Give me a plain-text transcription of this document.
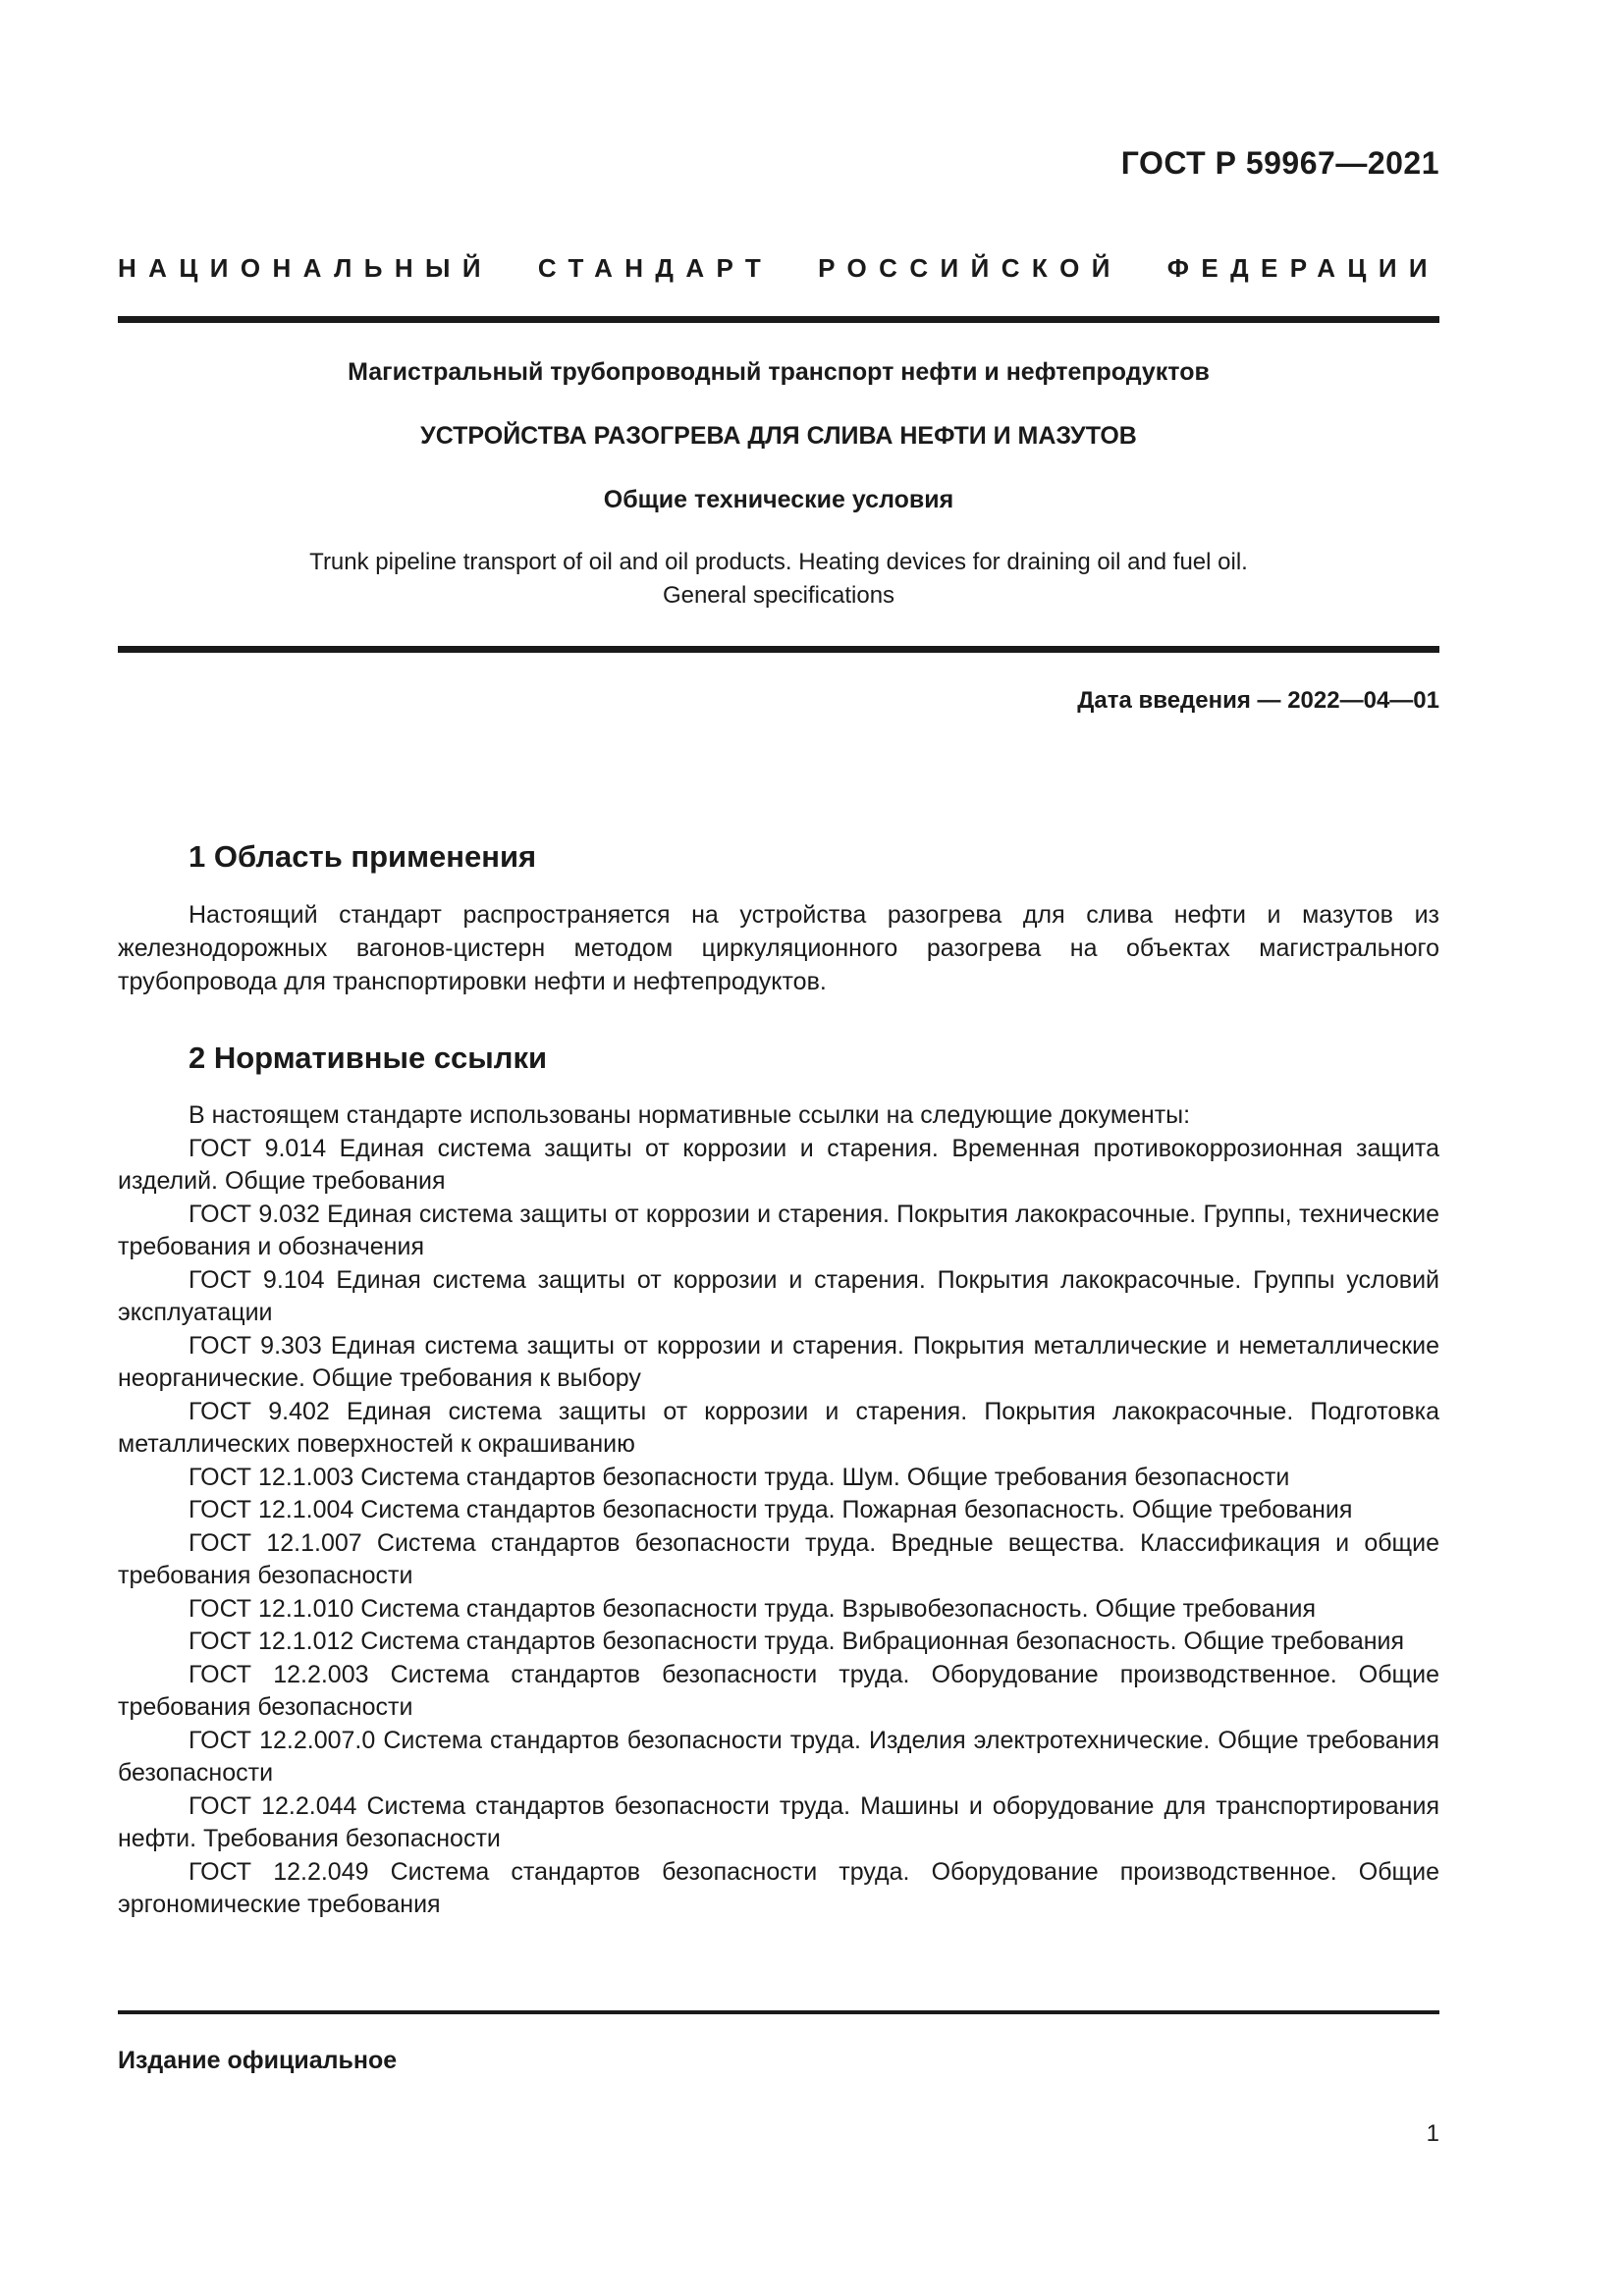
ГОСТ Р 59967—2021
НАЦИОНАЛЬНЫЙ СТАНДАРТ РОССИЙСКОЙ ФЕДЕРАЦИИ
Магистральный трубопроводный транспорт нефти и нефтепродуктов
УСТРОЙСТВА РАЗОГРЕВА ДЛЯ СЛИВА НЕФТИ И МАЗУТОВ
Общие технические условия
Trunk pipeline transport of oil and oil products. Heating devices for draining oil and fuel oil.
General specifications
Дата введения — 2022—04—01
1 Область применения
Настоящий стандарт распространяется на устройства разогрева для слива нефти и мазутов из железнодорожных вагонов-цистерн методом циркуляционного разогрева на объектах магистрального трубопровода для транспортировки нефти и нефтепродуктов.
2 Нормативные ссылки
В настоящем стандарте использованы нормативные ссылки на следующие документы:

ГОСТ 9.014 Единая система защиты от коррозии и старения. Временная противокоррозионная защита изделий. Общие требования

ГОСТ 9.032 Единая система защиты от коррозии и старения. Покрытия лакокрасочные. Группы, технические требования и обозначения

ГОСТ 9.104 Единая система защиты от коррозии и старения. Покрытия лакокрасочные. Группы условий эксплуатации

ГОСТ 9.303 Единая система защиты от коррозии и старения. Покрытия металлические и неметаллические неорганические. Общие требования к выбору

ГОСТ 9.402 Единая система защиты от коррозии и старения. Покрытия лакокрасочные. Подготовка металлических поверхностей к окрашиванию

ГОСТ 12.1.003 Система стандартов безопасности труда. Шум. Общие требования безопасности

ГОСТ 12.1.004 Система стандартов безопасности труда. Пожарная безопасность. Общие требования

ГОСТ 12.1.007 Система стандартов безопасности труда. Вредные вещества. Классификация и общие требования безопасности

ГОСТ 12.1.010 Система стандартов безопасности труда. Взрывобезопасность. Общие требования

ГОСТ 12.1.012 Система стандартов безопасности труда. Вибрационная безопасность. Общие требования

ГОСТ 12.2.003 Система стандартов безопасности труда. Оборудование производственное. Общие требования безопасности

ГОСТ 12.2.007.0 Система стандартов безопасности труда. Изделия электротехнические. Общие требования безопасности

ГОСТ 12.2.044 Система стандартов безопасности труда. Машины и оборудование для транспортирования нефти. Требования безопасности

ГОСТ 12.2.049 Система стандартов безопасности труда. Оборудование производственное. Общие эргономические требования

Издание официальное
1
